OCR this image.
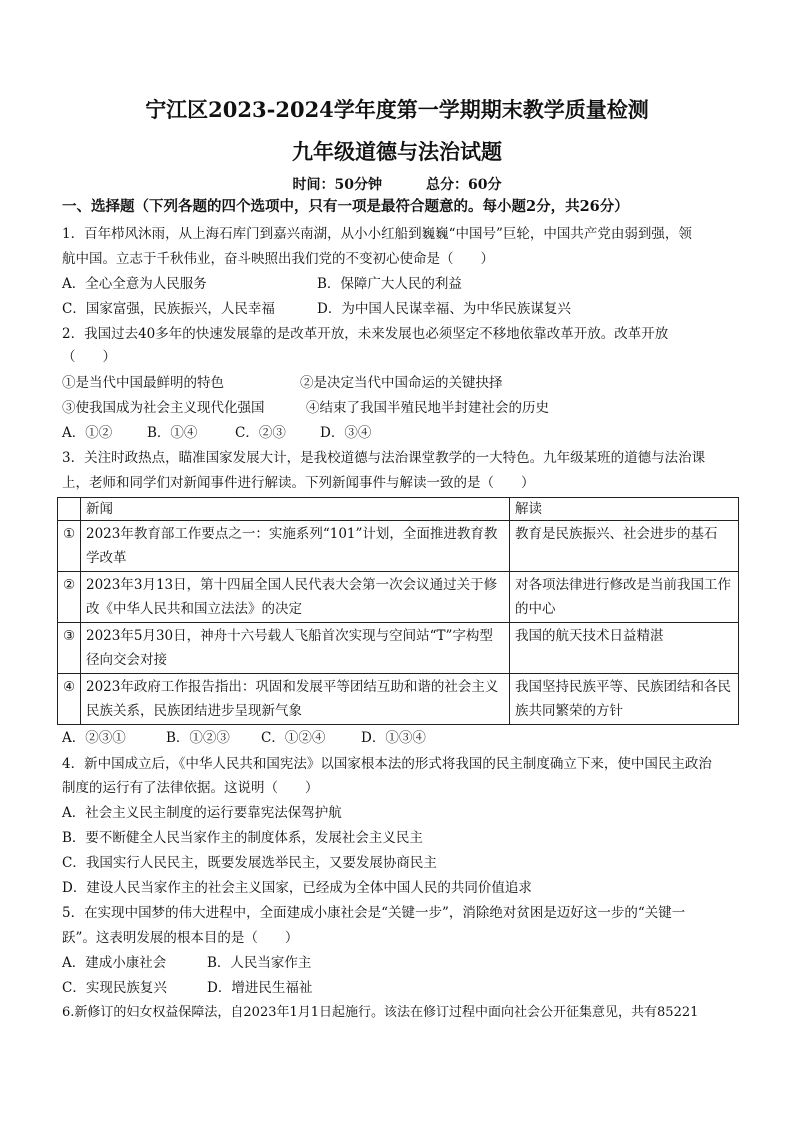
宁江区2023-2024学年度第一学期期末教学质量检测
九年级道德与法治试题
时间：50分钟	总分：60分
一、选择题（下列各题的四个选项中，只有一项是最符合题意的。每小题2分，共26分）
1．百年栉风沐雨，从上海石库门到嘉兴南湖，从小小红船到巍巍“中国号”巨轮，中国共产党由弱到强，领
航中国。立志于千秋伟业，奋斗映照出我们党的不变初心使命是（　　）
A．全心全意为人民服务	B．保障广大人民的利益
C．国家富强，民族振兴，人民幸福	D．为中国人民谋幸福、为中华民族谋复兴
2．我国过去40多年的快速发展靠的是改革开放，未来发展也必须坚定不移地依靠改革开放。改革开放
（　　）
①是当代中国最鲜明的特色	②是决定当代中国命运的关键抉择
③使我国成为社会主义现代化强国	④结束了我国半殖民地半封建社会的历史
A．①②	B．①④	C．②③	D．③④
3．关注时政热点，瞄准国家发展大计，是我校道德与法治课堂教学的一大特色。九年级某班的道德与法治课
上，老师和同学们对新闻事件进行解读。下列新闻事件与解读一致的是（　　）
	新闻	解读
①	2023年教育部工作要点之一：实施系列“101”计划，全面推进教育教学改革	教育是民族振兴、社会进步的基石
②	2023年3月13日，第十四届全国人民代表大会第一次会议通过关于修改《中华人民共和国立法法》的决定	对各项法律进行修改是当前我国工作的中心
③	2023年5月30日，神舟十六号载人飞船首次实现与空间站“T”字构型径向交会对接	我国的航天技术日益精湛
④	2023年政府工作报告指出：巩固和发展平等团结互助和谐的社会主义民族关系，民族团结进步呈现新气象	我国坚持民族平等、民族团结和各民族共同繁荣的方针
A．②③①	B．①②③ C．①②④	D．①③④
4．新中国成立后，《中华人民共和国宪法》以国家根本法的形式将我国的民主制度确立下来，使中国民主政治
制度的运行有了法律依据。这说明（　　）
A．社会主义民主制度的运行要靠宪法保驾护航
B．要不断健全人民当家作主的制度体系，发展社会主义民主
C．我国实行人民民主，既要发展选举民主，又要发展协商民主
D．建设人民当家作主的社会主义国家，已经成为全体中国人民的共同价值追求
5．在实现中国梦的伟大进程中，全面建成小康社会是“关键一步”，消除绝对贫困是迈好这一步的“关键一
跃”。这表明发展的根本目的是（　　）
A．建成小康社会	B．人民当家作主
C．实现民族复兴	D．增进民生福祉
6.新修订的妇女权益保障法，自2023年1月1日起施行。该法在修订过程中面向社会公开征集意见，共有85221
